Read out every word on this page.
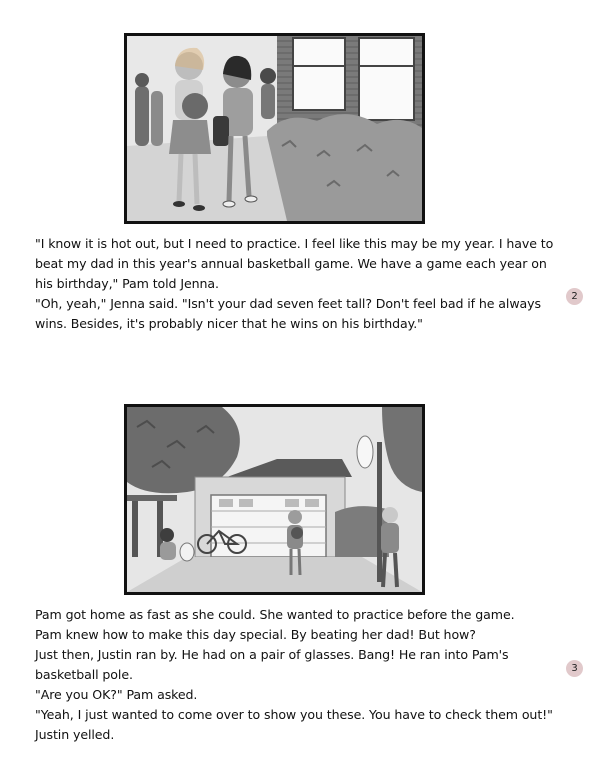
"I know it is hot out, but I need to practice. I feel like this may be my year. I have to beat my dad in this year's annual basketball game. We have a game each year on his birthday," Pam told Jenna.

"Oh, yeah," Jenna said. "Isn't your dad seven feet tall? Don't feel bad if he always wins. Besides, it's probably nicer that he wins on his birthday."

2

Pam got home as fast as she could. She wanted to practice before the game.

Pam knew how to make this day special. By beating her dad! But how?

Just then, Justin ran by. He had on a pair of glasses. Bang! He ran into Pam's basketball pole.

"Are you OK?" Pam asked.

"Yeah, I just wanted to come over to show you these. You have to check them out!" Justin yelled.

3
